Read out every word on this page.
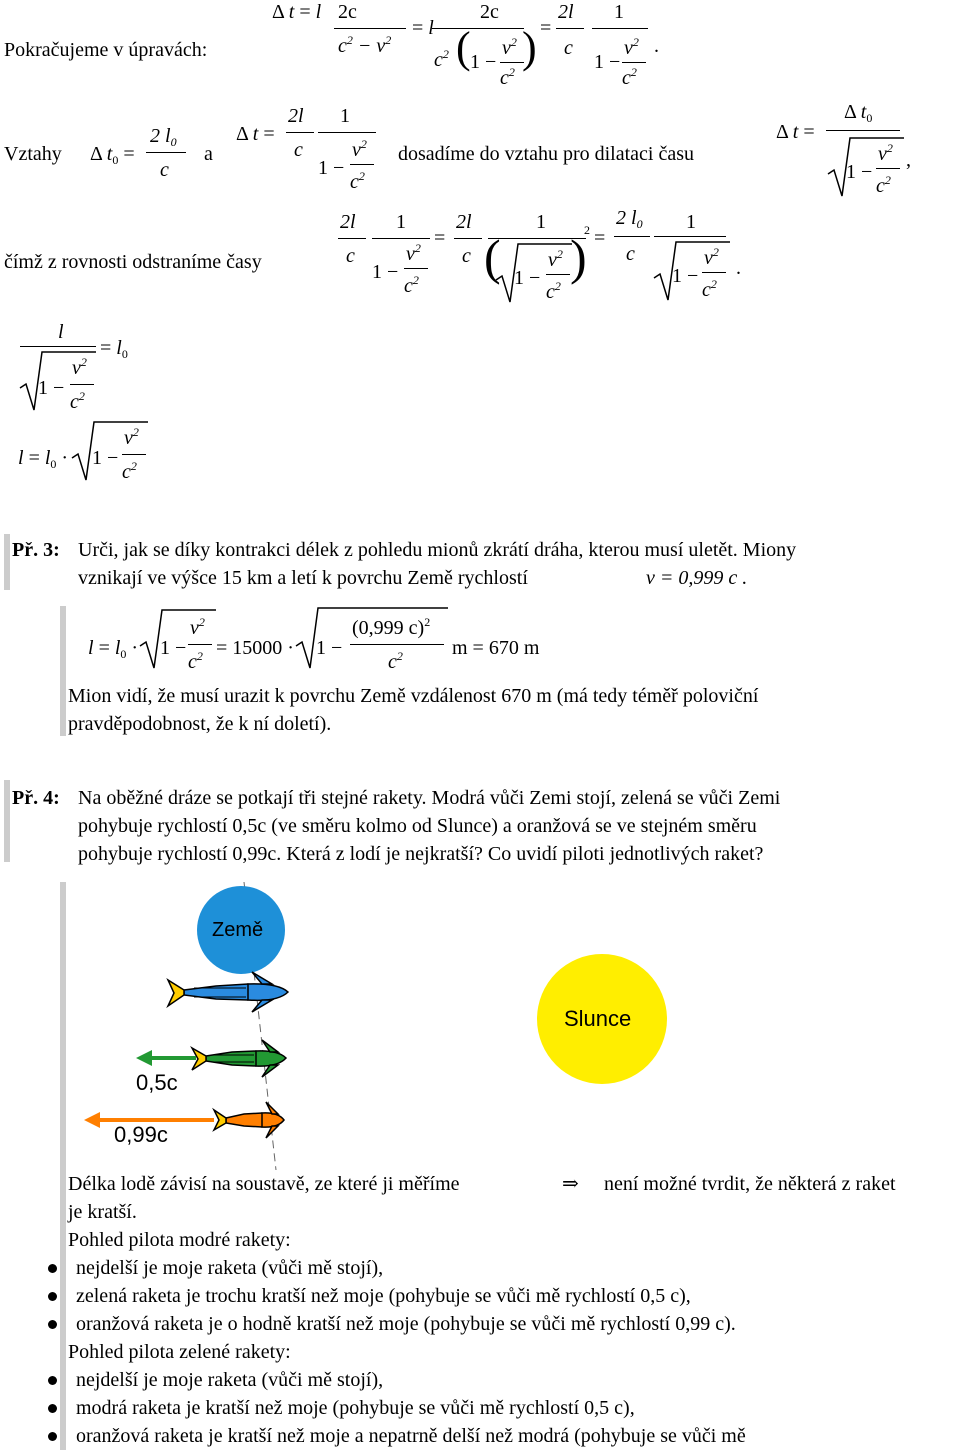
Pokračujeme v úpravách:
Δ t = l 2c
$c^2 - v^2$
= l
2c
$c^2$ ( 1 −
$v^2$
$c^2$ ) =
2l
c
1
1 −
$v^2$
$c^2$
.
Vztahy Δ $t_0$ =
2 $l_0$
c
a
Δ t =
2l
c
1
1 −
$v^2$
$c^2$
dosadíme do vztahu pro dilataci času
Δ t =
Δ $t_0$
1 −
$v^2$
$c^2$
,
čímž z rovnosti odstraníme časy
2l
c
1
1 −
$v^2$
$c^2$
=
2l
c
1
( 1 −
$v^2$
$c^2$
)
2 =
2 $l_0$
c
1
1 −
$v^2$
$c^2$
.
l
1 −
$v^2$
$c^2$
= $l_0$
$l = l_0 \cdot 1$ −
$v^2$
$c^2$
Př. 3: Urči, jak se díky kontrakci délek z pohledu mionů zkrátí dráha, kterou musí uletět. Miony
vznikají ve výšce 15 km a letí k povrchu Země rychlostí	v = 0,999 c .
$l = l_0 \cdot 1$ −
$v^2$
$c^2 = 15000 \cdot 1$ −
(0,999 c)$^2$
$c^2$ m = 670 m
Mion vidí, že musí urazit k povrchu Země vzdálenost 670 m (má tedy téměř poloviční
pravděpodobnost, že k ní doletí).
Př. 4: Na oběžné dráze se potkají tři stejné rakety. Modrá vůči Zemi stojí, zelená se vůči Zemi
pohybuje rychlostí 0,5c (ve směru kolmo od Slunce) a oranžová se ve stejném směru
pohybuje rychlostí 0,99c. Která z lodí je nejkratší? Co uvidí piloti jednotlivých raket?
Země
Slunce
0,5c
0,99c
Délka lodě závisí na soustavě, ze které ji měříme	⇒ není možné tvrdit, že některá z raket
je kratší.
Pohled pilota modré rakety:
nejdelší je moje raketa (vůči mě stojí),
zelená raketa je trochu kratší než moje (pohybuje se vůči mě rychlostí 0,5 c),
oranžová raketa je o hodně kratší než moje (pohybuje se vůči mě rychlostí 0,99 c).
Pohled pilota zelené rakety:
nejdelší je moje raketa (vůči mě stojí),
modrá raketa je kratší než moje (pohybuje se vůči mě rychlostí 0,5 c),
oranžová raketa je kratší než moje a nepatrně delší než modrá (pohybuje se vůči mě
